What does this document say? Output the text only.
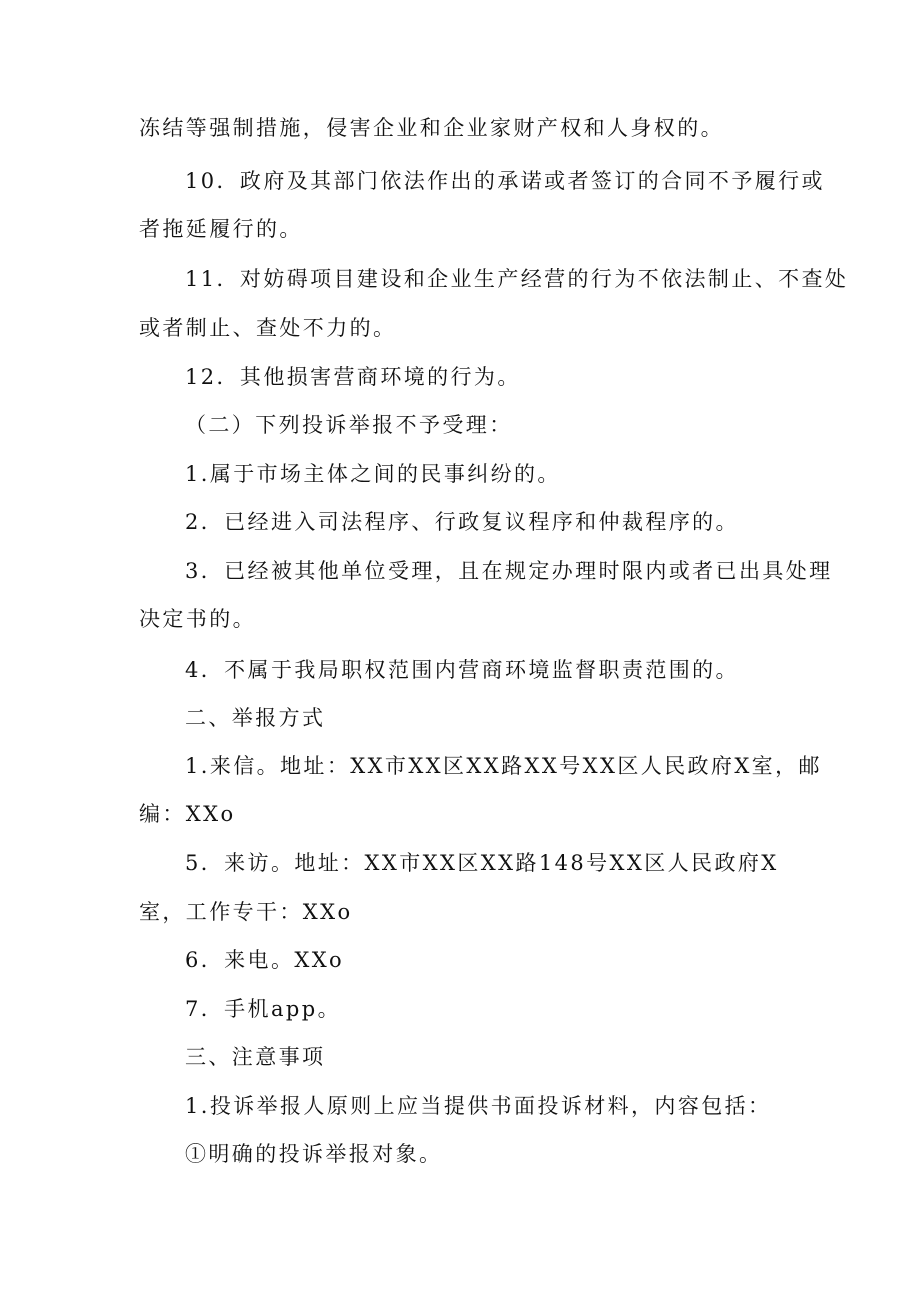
冻结等强制措施，侵害企业和企业家财产权和人身权的。
10．政府及其部门依法作出的承诺或者签订的合同不予履行或
者拖延履行的。
11．对妨碍项目建设和企业生产经营的行为不依法制止、不查处
或者制止、查处不力的。
12．其他损害营商环境的行为。
（二）下列投诉举报不予受理：
1.属于市场主体之间的民事纠纷的。
2．已经进入司法程序、行政复议程序和仲裁程序的。
3．已经被其他单位受理，且在规定办理时限内或者已出具处理
决定书的。
4．不属于我局职权范围内营商环境监督职责范围的。
二、举报方式
1.来信。地址：XX市XX区XX路XX号XX区人民政府X室，邮
编：XXo
5．来访。地址：XX市XX区XX路148号XX区人民政府X
室，工作专干：XXo
6．来电。XXo
7．手机app。
三、注意事项
1.投诉举报人原则上应当提供书面投诉材料，内容包括：
①明确的投诉举报对象。
